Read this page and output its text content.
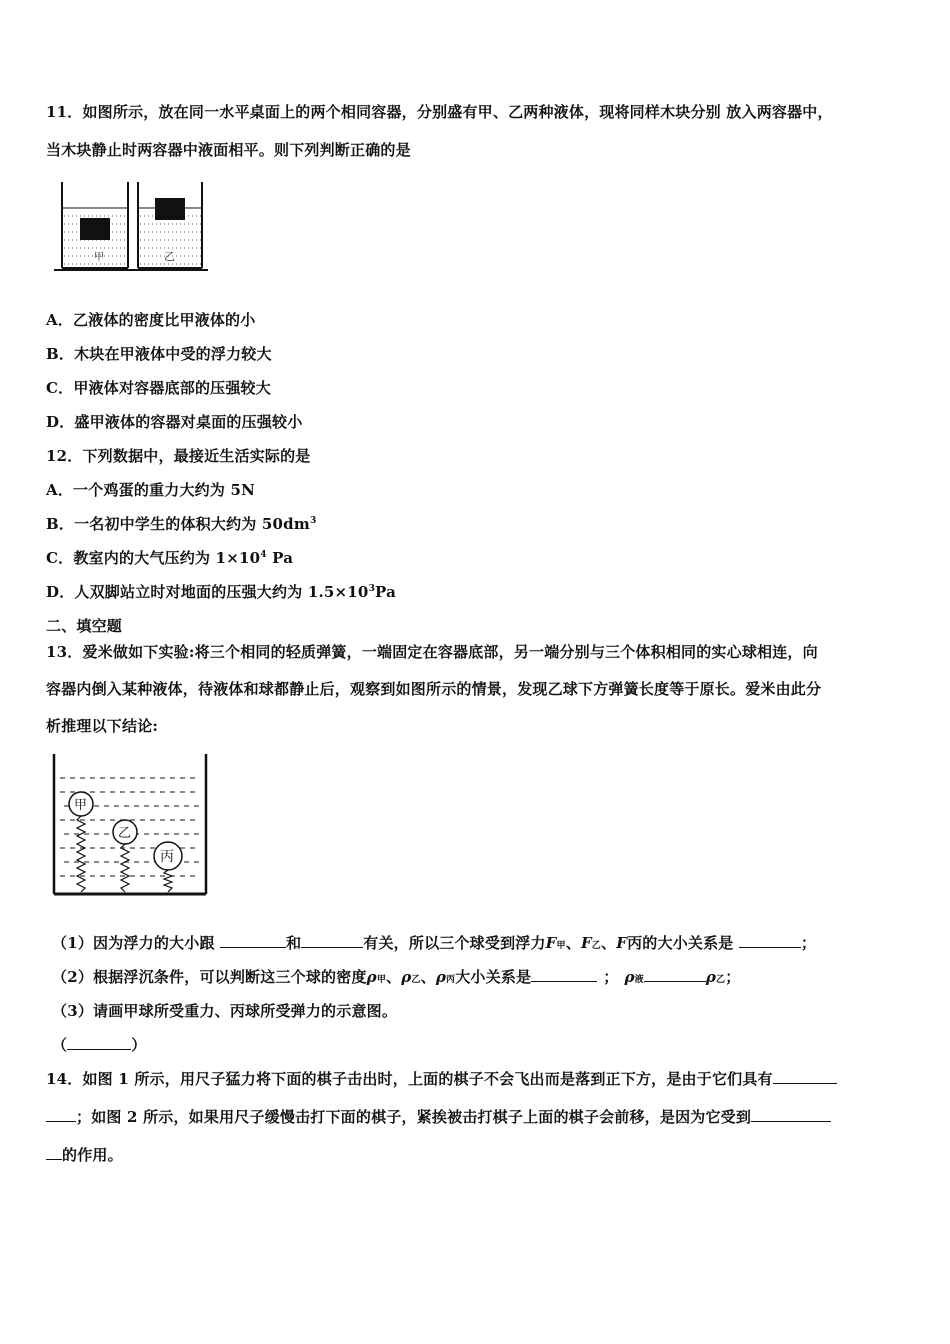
11．如图所示，放在同一水平桌面上的两个相同容器，分别盛有甲、乙两种液体，现将同样木块分别 放入两容器中，
当木块静止时两容器中液面相平。则下列判断正确的是
甲	乙
A．乙液体的密度比甲液体的小
B．木块在甲液体中受的浮力较大
C．甲液体对容器底部的压强较大
D．盛甲液体的容器对桌面的压强较小
12．下列数据中，最接近生活实际的是
A．一个鸡蛋的重力大约为 5N
B．一名初中学生的体积大约为 $50dm^3$
C．教室内的大气压约为 $1\times 10^4$ Pa
D．人双脚站立时对地面的压强大约为 $1.5\times 10^3Pa$
二、填空题
13．爱米做如下实验:将三个相同的轻质弹簧，一端固定在容器底部，另一端分别与三个体积相同的实心球相连，向
容器内倒入某种液体，待液体和球都静止后，观察到如图所示的情景，发现乙球下方弹簧长度等于原长。爱米由此分
析推理以下结论:
甲
乙
丙
（1）因为浮力的大小跟	和	有关，所以三个球受到浮力F甲、F乙、F丙的大小关系是	；
（2）根据浮沉条件，可以判断这三个球的密度ρ甲、ρ乙、ρ丙大小关系是	； ρ液	ρ乙；
（3）请画甲球所受重力、丙球所受弹力的示意图。
（	）
14．如图 1 所示，用尺子猛力将下面的棋子击出时，上面的棋子不会飞出而是落到正下方，是由于它们具有
；如图 2 所示，如果用尺子缓慢击打下面的棋子，紧挨被击打棋子上面的棋子会前移，是因为它受到
的作用。
